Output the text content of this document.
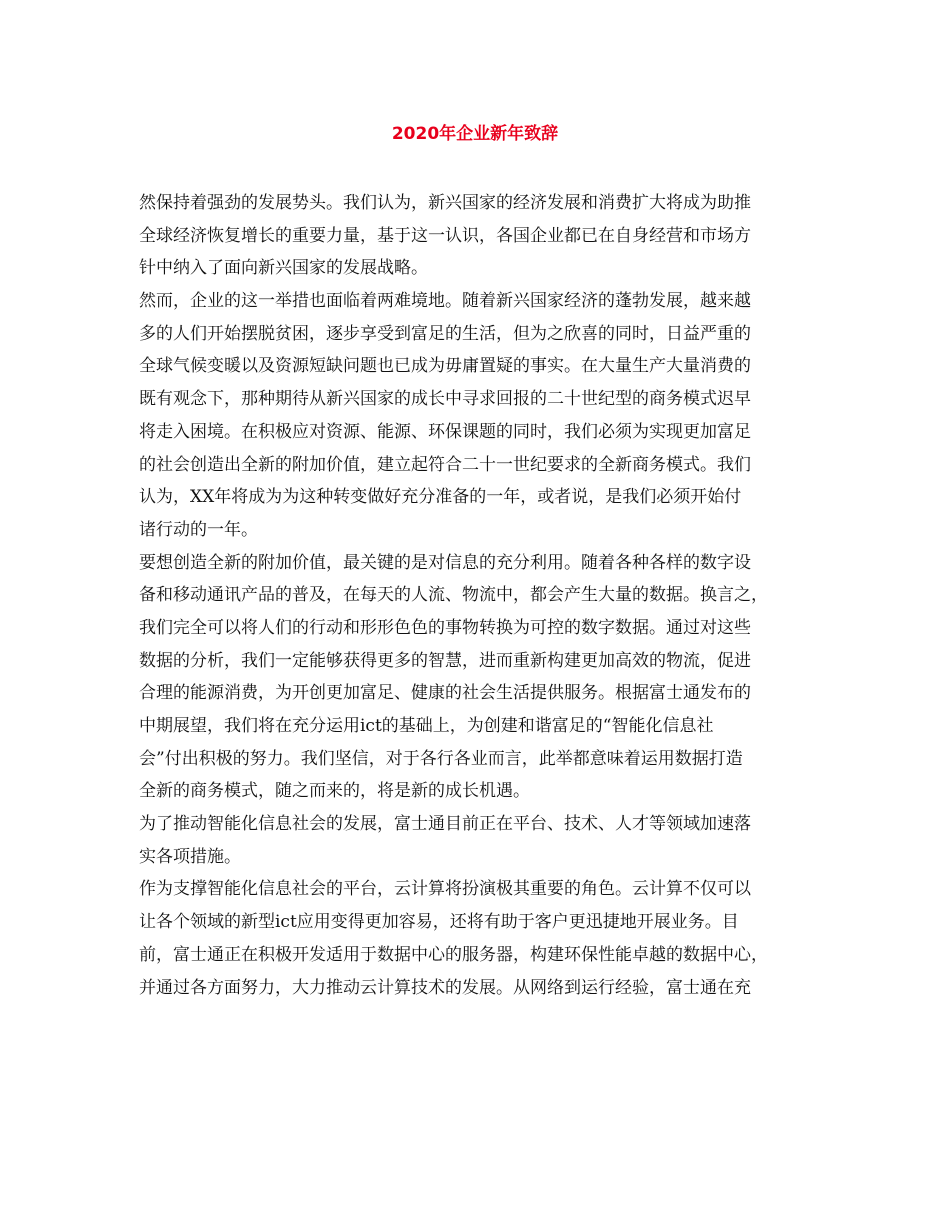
2020年企业新年致辞
然保持着强劲的发展势头。我们认为，新兴国家的经济发展和消费扩大将成为助推
全球经济恢复增长的重要力量，基于这一认识，各国企业都已在自身经营和市场方
针中纳入了面向新兴国家的发展战略。
然而，企业的这一举措也面临着两难境地。随着新兴国家经济的蓬勃发展，越来越
多的人们开始摆脱贫困，逐步享受到富足的生活，但为之欣喜的同时，日益严重的
全球气候变暖以及资源短缺问题也已成为毋庸置疑的事实。在大量生产大量消费的
既有观念下，那种期待从新兴国家的成长中寻求回报的二十世纪型的商务模式迟早
将走入困境。在积极应对资源、能源、环保课题的同时，我们必须为实现更加富足
的社会创造出全新的附加价值，建立起符合二十一世纪要求的全新商务模式。我们
认为，XX年将成为为这种转变做好充分准备的一年，或者说，是我们必须开始付
诸行动的一年。
要想创造全新的附加价值，最关键的是对信息的充分利用。随着各种各样的数字设
备和移动通讯产品的普及，在每天的人流、物流中，都会产生大量的数据。换言之，
我们完全可以将人们的行动和形形色色的事物转换为可控的数字数据。通过对这些
数据的分析，我们一定能够获得更多的智慧，进而重新构建更加高效的物流，促进
合理的能源消费，为开创更加富足、健康的社会生活提供服务。根据富士通发布的
中期展望，我们将在充分运用ict的基础上，为创建和谐富足的“智能化信息社
会”付出积极的努力。我们坚信，对于各行各业而言，此举都意味着运用数据打造
全新的商务模式，随之而来的，将是新的成长机遇。
为了推动智能化信息社会的发展，富士通目前正在平台、技术、人才等领域加速落
实各项措施。
作为支撑智能化信息社会的平台，云计算将扮演极其重要的角色。云计算不仅可以
让各个领域的新型ict应用变得更加容易，还将有助于客户更迅捷地开展业务。目
前，富士通正在积极开发适用于数据中心的服务器，构建环保性能卓越的数据中心，
并通过各方面努力，大力推动云计算技术的发展。从网络到运行经验，富士通在充
